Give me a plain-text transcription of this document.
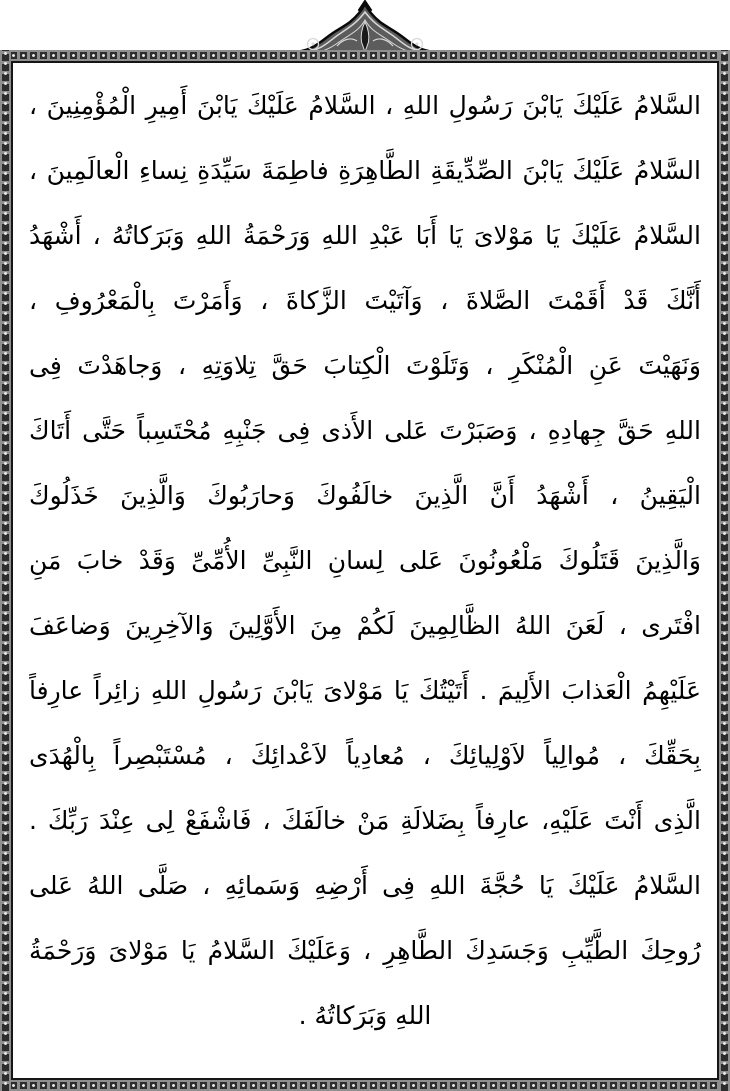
السَّلامُ عَلَيْكَ يَابْنَ رَسُولِ اللهِ ، السَّلامُ عَلَيْكَ يَابْنَ أَمِيرِ الْمُؤْمِنِينَ ،
السَّلامُ عَلَيْكَ يَابْنَ الصِّدِّيقَةِ الطَّاهِرَةِ فاطِمَةَ سَيِّدَةِ نِساءِ الْعالَمِينَ ،
السَّلامُ عَلَيْكَ يَا مَوْلاىَ يَا أَبَا عَبْدِ اللهِ وَرَحْمَةُ اللهِ وَبَرَكاتُهُ ، أَشْهَدُ
أَنَّكَ قَدْ أَقَمْتَ الصَّلاةَ ، وَآتَيْتَ الزَّكاةَ ، وَأَمَرْتَ بِالْمَعْرُوفِ ،
وَنَهَيْتَ عَنِ الْمُنْكَرِ ، وَتَلَوْتَ الْكِتابَ حَقَّ تِلاوَتِهِ ، وَجاهَدْتَ فِى
اللهِ حَقَّ جِهادِهِ ، وَصَبَرْتَ عَلى الأَذى فِى جَنْبِهِ مُحْتَسِباً حَتَّى أَتَاكَ
الْيَقِينُ ، أَشْهَدُ أَنَّ الَّذِينَ خالَفُوكَ وَحارَبُوكَ وَالَّذِينَ خَذَلُوكَ
وَالَّذِينَ قَتَلُوكَ مَلْعُونُونَ عَلى لِسانِ النَّبِىِّ الأُمِّىِّ وَقَدْ خابَ مَنِ
افْتَرى ، لَعَنَ اللهُ الظَّالِمِينَ لَكُمْ مِنَ الأَوَّلِينَ وَالآخِرِينَ وَضاعَفَ
عَلَيْهِمُ الْعَذابَ الأَلِيمَ . أَتَيْتُكَ يَا مَوْلاىَ يَابْنَ رَسُولِ اللهِ زائِراً عارِفاً
بِحَقِّكَ ، مُوالِياً لاَوْلِيائِكَ ، مُعادِياً لاَعْدائِكَ ، مُسْتَبْصِراً بِالْهُدَى
الَّذِى أَنْتَ عَلَيْهِ، عارِفاً بِضَلالَةِ مَنْ خالَفَكَ ، فَاشْفَعْ لِى عِنْدَ رَبِّكَ .
السَّلامُ عَلَيْكَ يَا حُجَّةَ اللهِ فِى أَرْضِهِ وَسَمائِهِ ، صَلَّى اللهُ عَلى
رُوحِكَ الطَّيِّبِ وَجَسَدِكَ الطَّاهِرِ ، وَعَلَيْكَ السَّلامُ يَا مَوْلاىَ وَرَحْمَةُ
اللهِ وَبَرَكاتُهُ .
